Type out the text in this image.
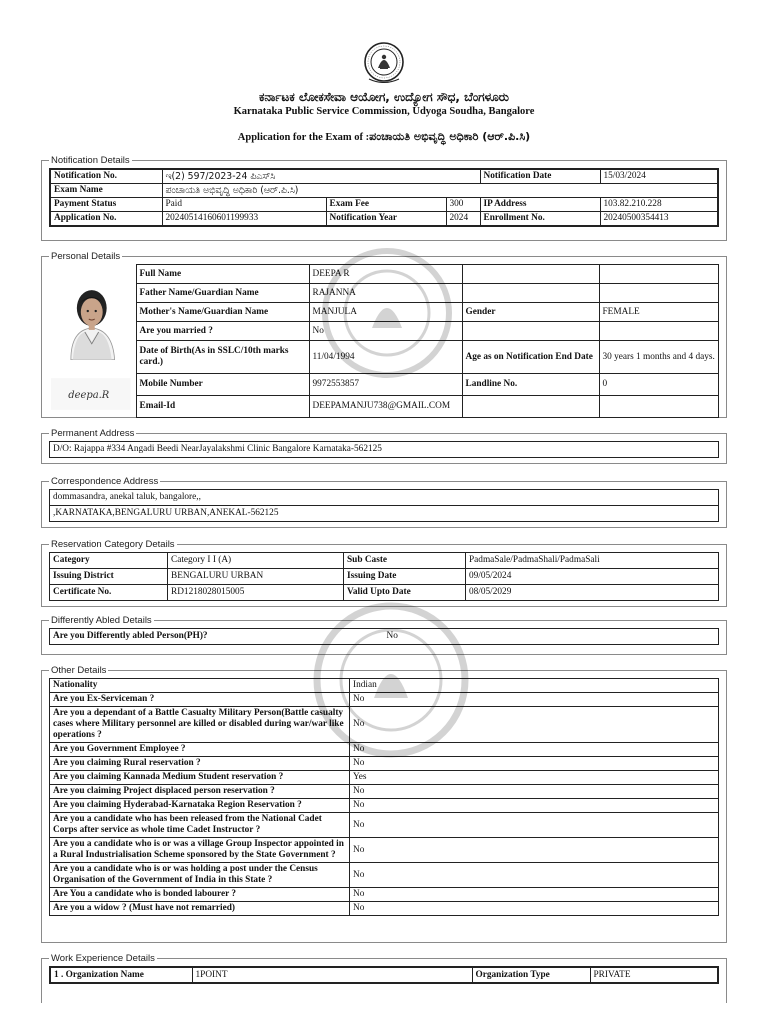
ಕರ್ನಾಟಕ ಲೋಕಸೇವಾ ಆಯೋಗ, ಉದ್ಯೋಗ ಸೌಧ, ಬೆಂಗಳೂರು
Karnataka Public Service Commission, Udyoga Soudha, Bangalore
Application for the Exam of :ಪಂಚಾಯತಿ ಅಭಿವೃದ್ಧಿ ಅಧಿಕಾರಿ (ಆರ್.ಪಿ.ಸಿ)
Notification Details
Notification No.	ಇ(2) 597/2023-24 ಪಿಎಸ್‌ಸಿ			Notification Date	15/03/2024
Exam Name	ಪಂಚಾಯತಿ ಅಭಿವೃದ್ಧಿ ಅಧಿಕಾರಿ (ಆರ್.ಪಿ.ಸಿ)				
Payment Status	Paid	Exam Fee	300	IP Address	103.82.210.228
Application No.	20240514160601199933	Notification Year	2024	Enrollment No.	20240500354413
Personal Details
	Full Name	DEEPA R		
	Father Name/Guardian Name	RAJANNA		
	Mother's Name/Guardian Name	MANJULA	Gender	FEMALE
	Are you married ?	No		
	Date of Birth(As in SSLC/10th marks card.)	11/04/1994	Age as on Notification End Date	30 years 1 months and 4 days.

deepa.R	Mobile Number	9972553857	Landline No.	0
	Email-Id	DEEPAMANJU738@GMAIL.COM		
Permanent Address
D/O: Rajappa #334 Angadi Beedi NearJayalakshmi Clinic Bangalore Karnataka-562125
Correspondence Address
dommasandra, anekal taluk, bangalore,,
,KARNATAKA,BENGALURU URBAN,ANEKAL-562125
Reservation Category Details
Category	Category I I (A)	Sub Caste	PadmaSale/PadmaShali/PadmaSali
Issuing District	BENGALURU URBAN	Issuing Date	09/05/2024
Certificate No.	RD1218028015005	Valid Upto Date	08/05/2029
Differently Abled Details
Are you Differently abled Person(PH)?	No
Other Details
Nationality	Indian
Are you Ex-Serviceman ?	No
Are you a dependant of a Battle Casualty Military Person(Battle casualty cases where Military personnel are killed or disabled during war/war like operations ?	No
Are you Government Employee ?	No
Are you claiming Rural reservation ?	No
Are you claiming Kannada Medium Student reservation ?	Yes
Are you claiming Project displaced person reservation ?	No
Are you claiming Hyderabad-Karnataka Region Reservation ?	No
Are you a candidate who has been released from the National Cadet Corps after service as whole time Cadet Instructor ?	No
Are you a candidate who is or was a village Group Inspector appointed in a Rural Industrialisation Scheme sponsored by the State Government ?	No
Are you a candidate who is or was holding a post under the Census Organisation of the Government of India in this State ?	No
Are You a candidate who is bonded labourer ?	No
Are you a widow ? (Must have not remarried)	No
Work Experience Details
1 . Organization Name	1POINT	Organization Type	PRIVATE
